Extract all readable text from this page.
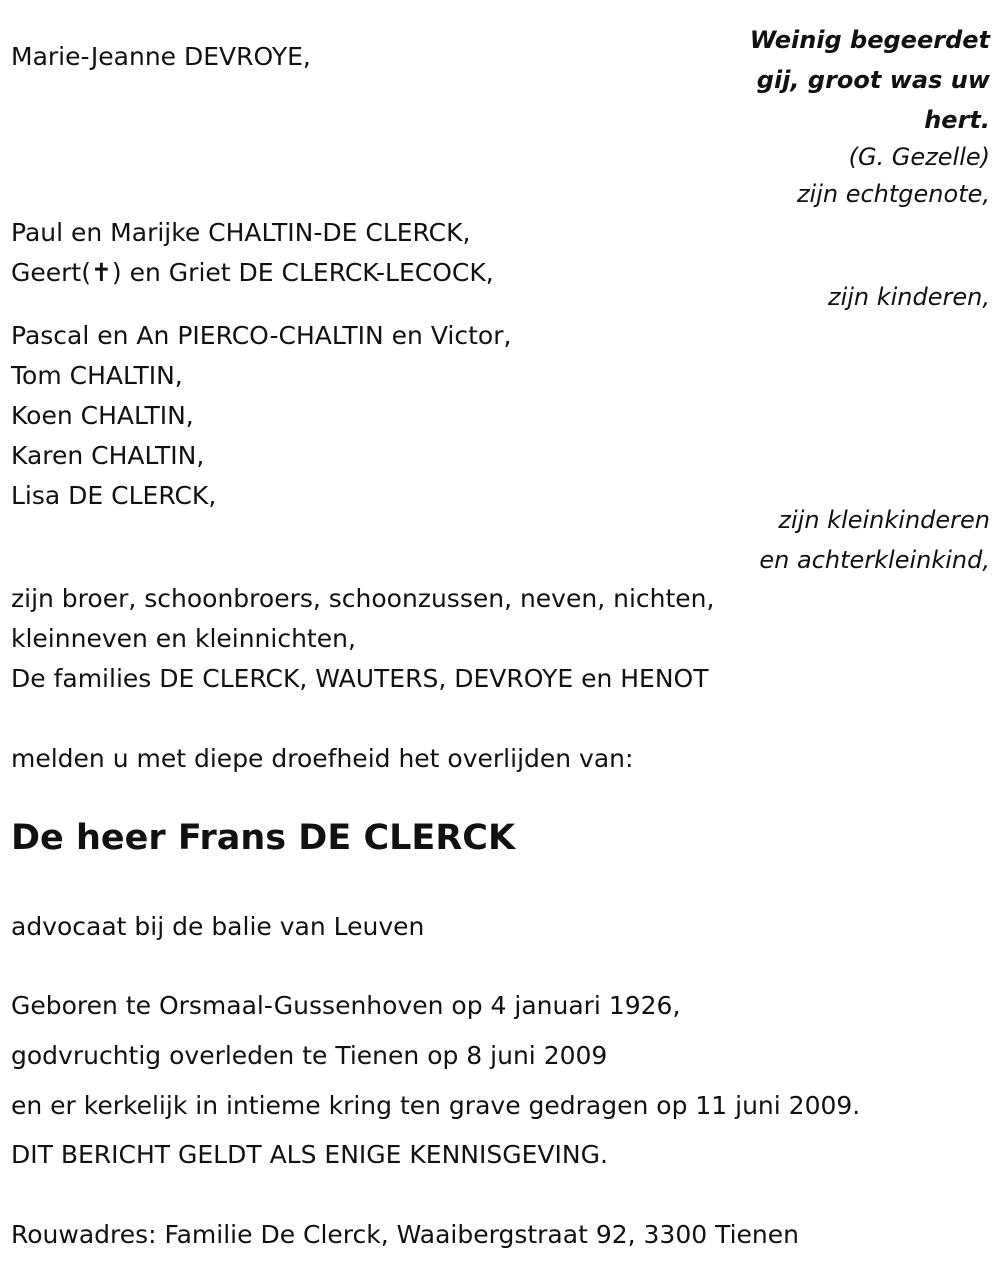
Weinig begeerdet

gij, groot was uw

hert.

(G. Gezelle)

Marie-Jeanne DEVROYE,

zijn echtgenote,

Paul en Marijke CHALTIN-DE CLERCK,

Geert(✝) en Griet DE CLERCK-LECOCK,

zijn kinderen,

Pascal en An PIERCO-CHALTIN en Victor,

Tom CHALTIN,

Koen CHALTIN,

Karen CHALTIN,

Lisa DE CLERCK,

zijn kleinkinderen

en achterkleinkind,

zijn broer, schoonbroers, schoonzussen, neven, nichten,

kleinneven en kleinnichten,

De families DE CLERCK, WAUTERS, DEVROYE en HENOT

melden u met diepe droefheid het overlijden van:

De heer Frans DE CLERCK

advocaat bij de balie van Leuven

Geboren te Orsmaal-Gussenhoven op 4 januari 1926,

godvruchtig overleden te Tienen op 8 juni 2009

en er kerkelijk in intieme kring ten grave gedragen op 11 juni 2009.

DIT BERICHT GELDT ALS ENIGE KENNISGEVING.

Rouwadres: Familie De Clerck, Waaibergstraat 92, 3300 Tienen
